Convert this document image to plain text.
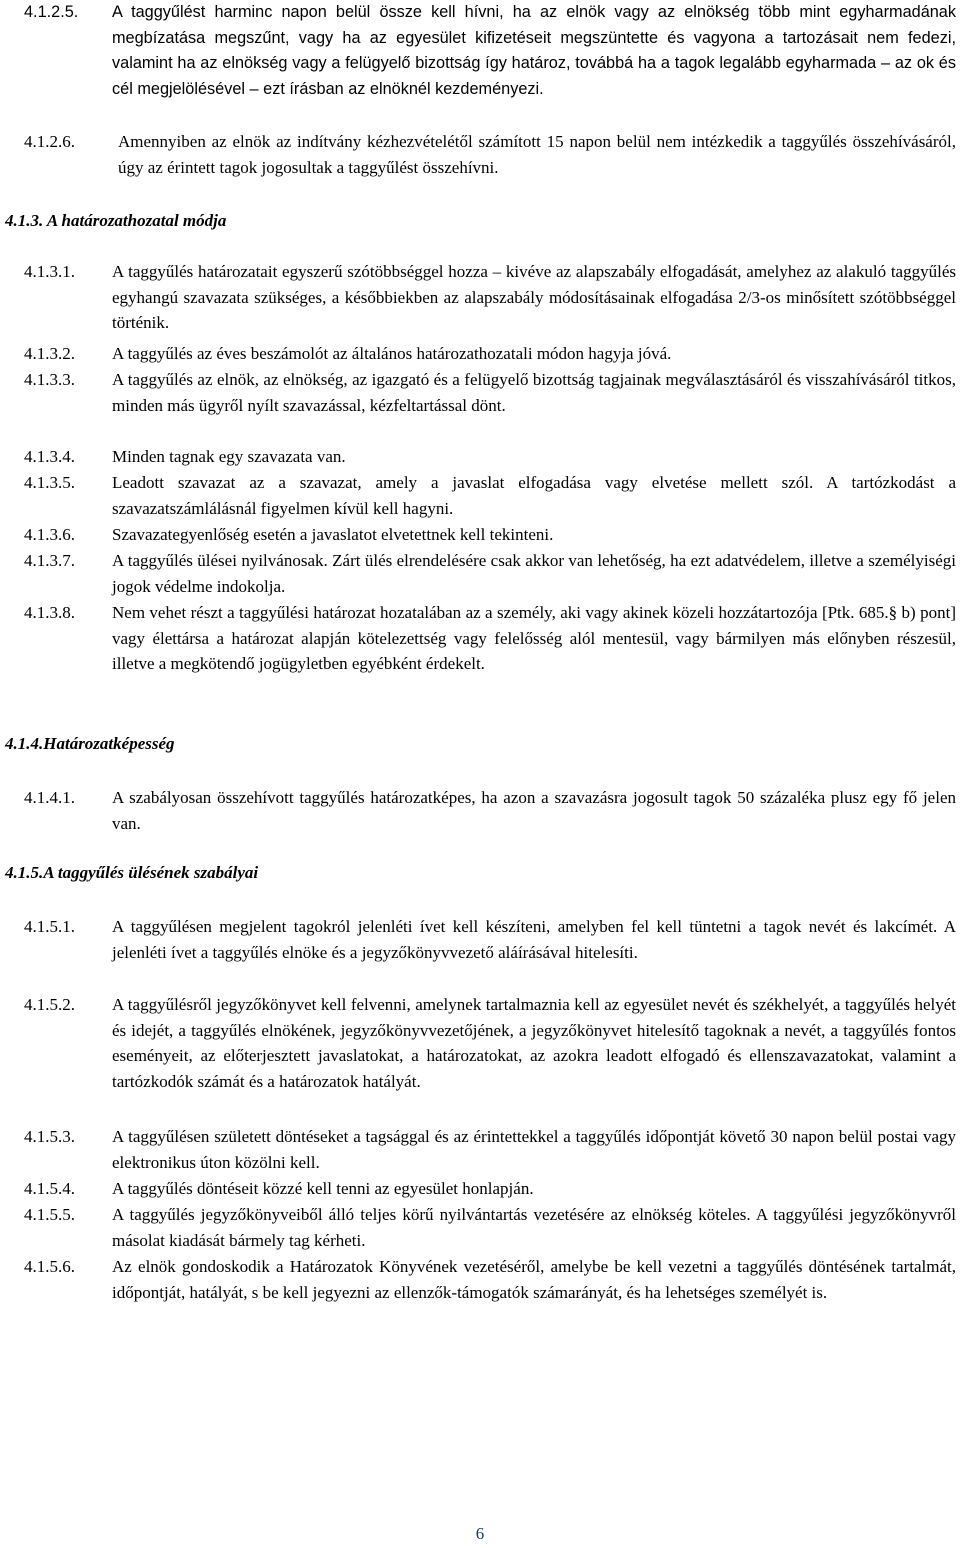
4.1.2.5. A taggyűlést harminc napon belül össze kell hívni, ha az elnök vagy az elnökség több mint egyharmadának megbízatása megszűnt, vagy ha az egyesület kifizetéseit megszüntette és vagyona a tartozásait nem fedezi, valamint ha az elnökség vagy a felügyelő bizottság így határoz, továbbá ha a tagok legalább egyharmada – az ok és cél megjelölésével – ezt írásban az elnöknél kezdeményezi.
4.1.2.6.	Amennyiben az elnök az indítvány kézhezvételétől számított 15 napon belül nem intézkedik a taggyűlés összehívásáról, úgy az érintett tagok jogosultak a taggyűlést összehívni.
4.1.3. A határozathozatal módja
4.1.3.1. A taggyűlés határozatait egyszerű szótöbbséggel hozza – kivéve az alapszabály elfogadását, amelyhez az alakuló taggyűlés egyhangú szavazata szükséges, a későbbiekben az alapszabály módosításainak elfogadása 2/3-os minősített szótöbbséggel történik.
4.1.3.2. A taggyűlés az éves beszámolót az általános határozathozatali módon hagyja jóvá.
4.1.3.3. A taggyűlés az elnök, az elnökség, az igazgató és a felügyelő bizottság tagjainak megválasztásáról és visszahívásáról titkos, minden más ügyről nyílt szavazással, kézfeltartással dönt.
4.1.3.4. Minden tagnak egy szavazata van.
4.1.3.5. Leadott szavazat az a szavazat, amely a javaslat elfogadása vagy elvetése mellett szól. A tartózkodást a szavazatszámlálásnál figyelmen kívül kell hagyni.
4.1.3.6. Szavazategyenlőség esetén a javaslatot elvetettnek kell tekinteni.
4.1.3.7. A taggyűlés ülései nyilvánosak. Zárt ülés elrendelésére csak akkor van lehetőség, ha ezt adatvédelem, illetve a személyiségi jogok védelme indokolja.
4.1.3.8. Nem vehet részt a taggyűlési határozat hozatalában az a személy, aki vagy akinek közeli hozzátartozója [Ptk. 685.§ b) pont] vagy élettársa a határozat alapján kötelezettség vagy felelősség alól mentesül, vagy bármilyen más előnyben részesül, illetve a megkötendő jogügyletben egyébként érdekelt.
4.1.4.Határozatképesség
4.1.4.1. A szabályosan összehívott taggyűlés határozatképes, ha azon a szavazásra jogosult tagok 50 százaléka plusz egy fő jelen van.
4.1.5.A taggyűlés ülésének szabályai
4.1.5.1. A taggyűlésen megjelent tagokról jelenléti ívet kell készíteni, amelyben fel kell tüntetni a tagok nevét és lakcímét. A jelenléti ívet a taggyűlés elnöke és a jegyzőkönyvvezető aláírásával hitelesíti.
4.1.5.2. A taggyűlésről jegyzőkönyvet kell felvenni, amelynek tartalmaznia kell az egyesület nevét és székhelyét, a taggyűlés helyét és idejét, a taggyűlés elnökének, jegyzőkönyvvezetőjének, a jegyzőkönyvet hitelesítő tagoknak a nevét, a taggyűlés fontos eseményeit, az előterjesztett javaslatokat, a határozatokat, az azokra leadott elfogadó és ellenszavazatokat, valamint a tartózkodók számát és a határozatok hatályát.
4.1.5.3. A taggyűlésen született döntéseket a tagsággal és az érintettekkel a taggyűlés időpontját követő 30 napon belül postai vagy elektronikus úton közölni kell.
4.1.5.4. A taggyűlés döntéseit közzé kell tenni az egyesület honlapján.
4.1.5.5. A taggyűlés jegyzőkönyveiből álló teljes körű nyilvántartás vezetésére az elnökség köteles. A taggyűlési jegyzőkönyvről másolat kiadását bármely tag kérheti.
4.1.5.6. Az elnök gondoskodik a Határozatok Könyvének vezetéséről, amelybe be kell vezetni a taggyűlés döntésének tartalmát, időpontját, hatályát, s be kell jegyezni az ellenzők-támogatók számarányát, és ha lehetséges személyét is.
6
